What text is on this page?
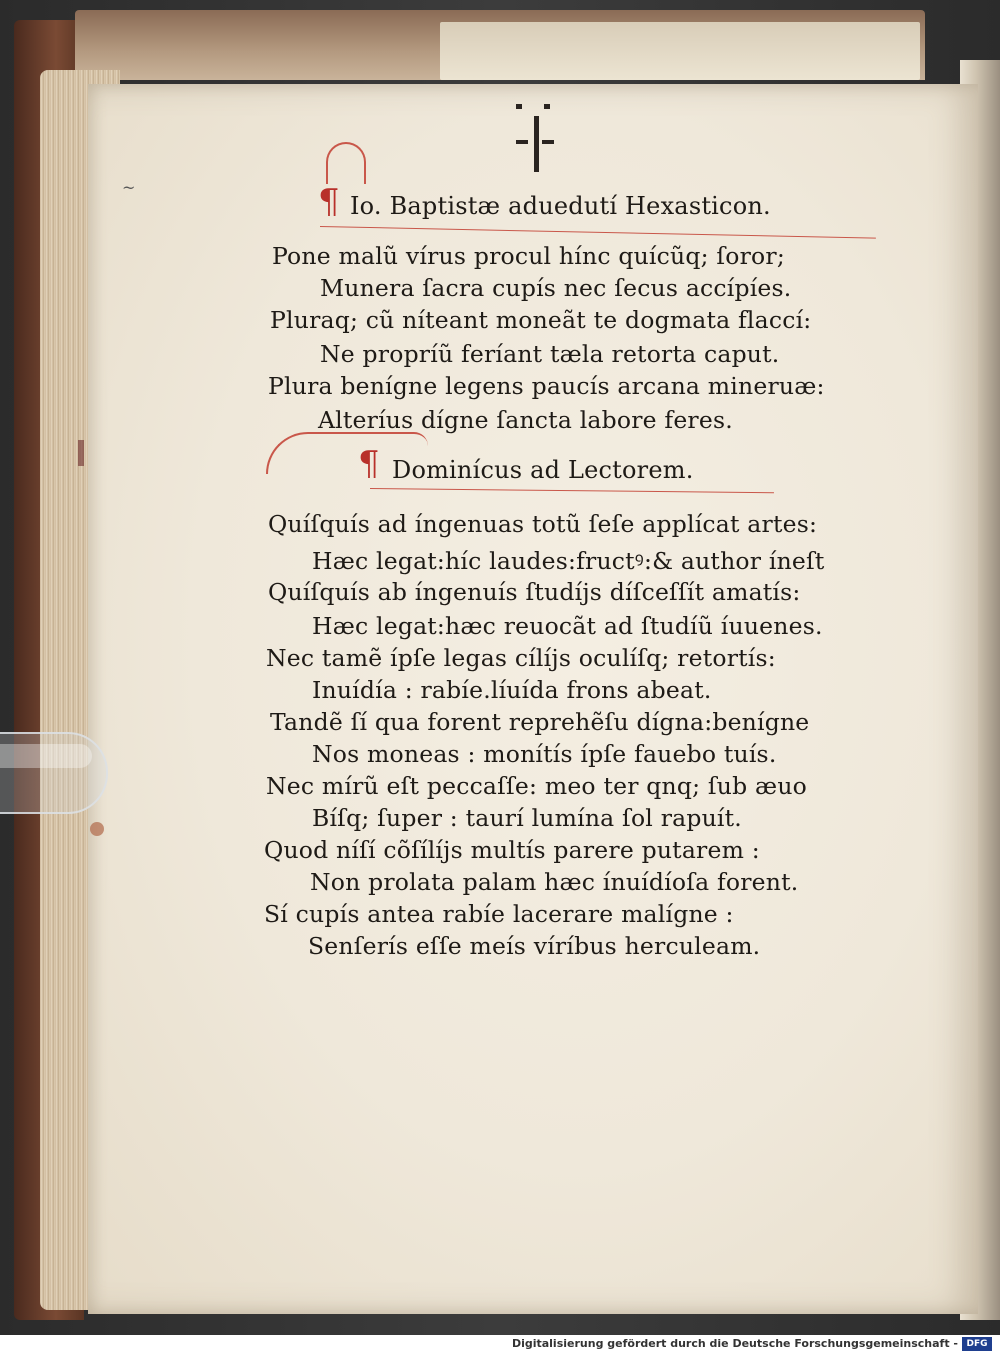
~	¶ Io. Baptistæ aduedutí Hexasticon.
Pone malũ vírus procul hínc quícũq; ſoror;
Munera ſacra cupís nec ſecus accípíes.
Pluraq; cũ níteant moneãt te dogmata flaccí:
Ne propríũ feríant tæla retorta caput.
Plura benígne legens paucís arcana mineruæ:
Alteríus dígne ſancta labore feres.
¶ Dominícus ad Lectorem.
Quíſquís ad íngenuas totũ ſeſe applícat artes:
Hæc legat:híc laudes:fructꝰ:& author íneſt
Quíſquís ab íngenuís ſtudíjs díſceſſít amatís:
Hæc legat:hæc reuocãt ad ſtudíũ íuuenes.
Nec tamẽ ípſe legas cílíjs oculíſq; retortís:
Inuídía : rabíe.líuída frons abeat.
Tandẽ ſí qua forent reprehẽſu dígna:benígne
Nos moneas : monítís ípſe fauebo tuís.
Nec mírũ eſt peccaſſe: meo ter qnq; ſub æuo
Bíſq; ſuper : taurí lumína ſol rapuít.
Quod níſí cõſílíjs multís parere putarem :
Non prolata palam hæc ínuídíoſa forent.
Sí cupís antea rabíe lacerare malígne :
Senſerís eſſe meís víríbus herculeam.
Digitalisierung gefördert durch die Deutsche Forschungsgemeinschaft - DFG
